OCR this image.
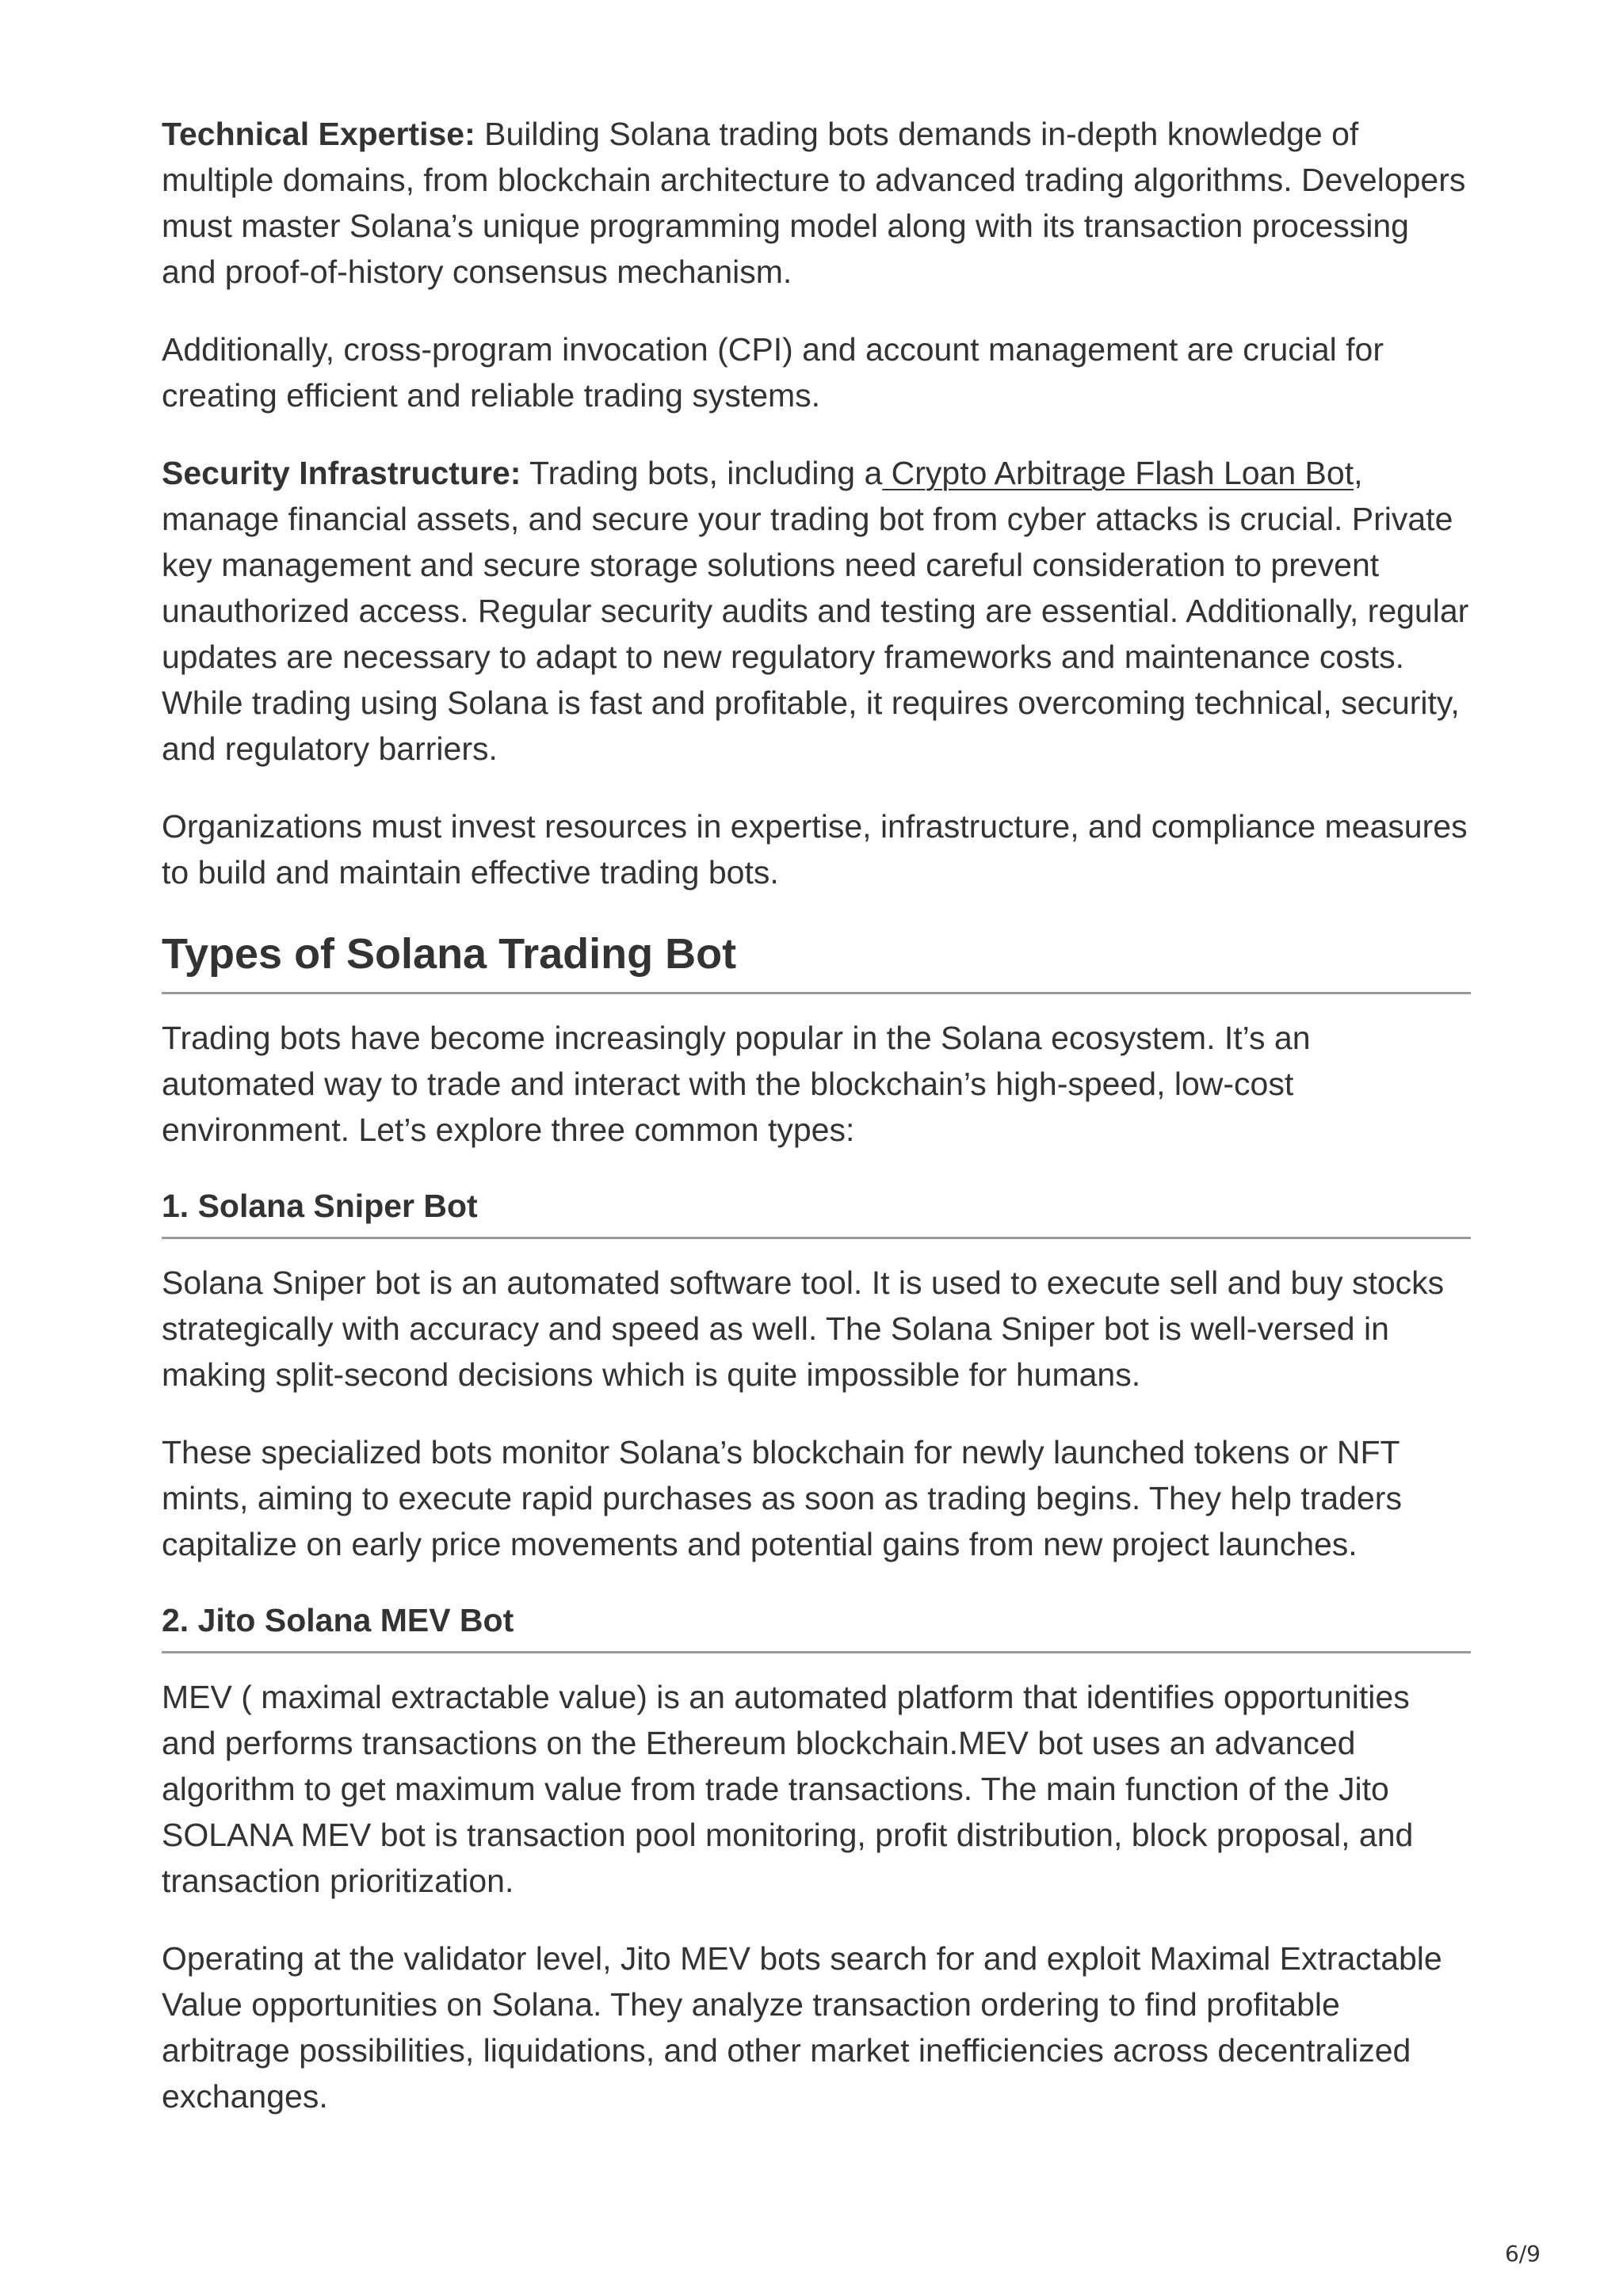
Technical Expertise: Building Solana trading bots demands in-depth knowledge of multiple domains, from blockchain architecture to advanced trading algorithms. Developers must master Solana’s unique programming model along with its transaction processing and proof-of-history consensus mechanism.

Additionally, cross-program invocation (CPI) and account management are crucial for creating efficient and reliable trading systems.

Security Infrastructure: Trading bots, including a Crypto Arbitrage Flash Loan Bot, manage financial assets, and secure your trading bot from cyber attacks is crucial. Private key management and secure storage solutions need careful consideration to prevent unauthorized access. Regular security audits and testing are essential. Additionally, regular updates are necessary to adapt to new regulatory frameworks and maintenance costs. While trading using Solana is fast and profitable, it requires overcoming technical, security, and regulatory barriers.

Organizations must invest resources in expertise, infrastructure, and compliance measures to build and maintain effective trading bots.

Types of Solana Trading Bot

Trading bots have become increasingly popular in the Solana ecosystem. It’s an automated way to trade and interact with the blockchain’s high-speed, low-cost environment. Let’s explore three common types:

1. Solana Sniper Bot

Solana Sniper bot is an automated software tool. It is used to execute sell and buy stocks strategically with accuracy and speed as well. The Solana Sniper bot is well-versed in making split-second decisions which is quite impossible for humans.

These specialized bots monitor Solana’s blockchain for newly launched tokens or NFT mints, aiming to execute rapid purchases as soon as trading begins. They help traders capitalize on early price movements and potential gains from new project launches.

2. Jito Solana MEV Bot

MEV ( maximal extractable value) is an automated platform that identifies opportunities and performs transactions on the Ethereum blockchain.MEV bot uses an advanced algorithm to get maximum value from trade transactions. The main function of the Jito SOLANA MEV bot is transaction pool monitoring, profit distribution, block proposal, and transaction prioritization.

Operating at the validator level, Jito MEV bots search for and exploit Maximal Extractable Value opportunities on Solana. They analyze transaction ordering to find profitable arbitrage possibilities, liquidations, and other market inefficiencies across decentralized exchanges.

6/9
